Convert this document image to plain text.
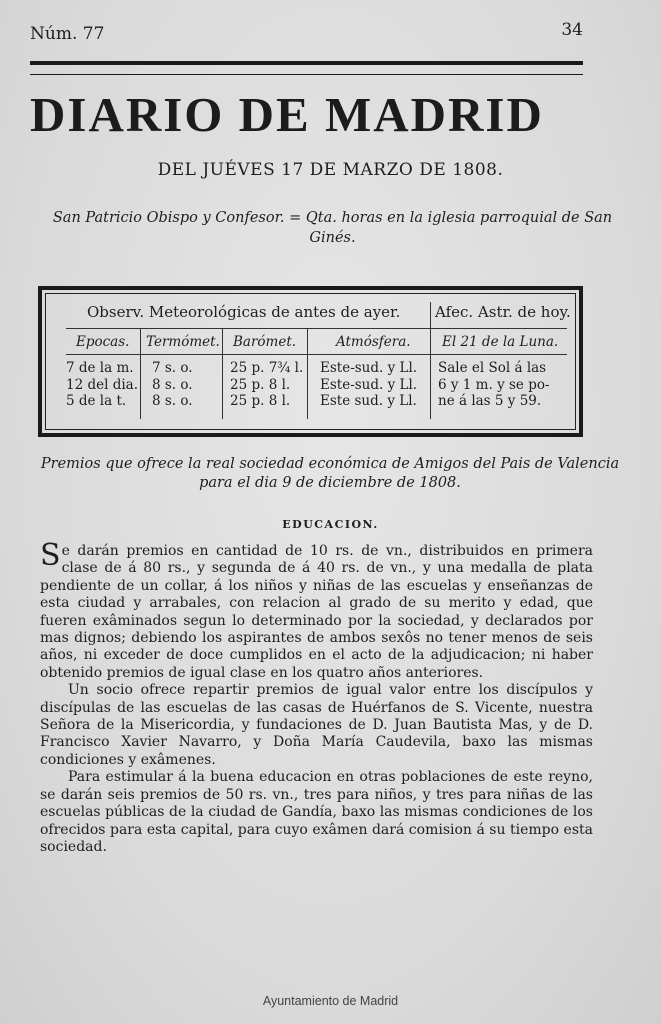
Núm. 77	34
DIARIO DE MADRID
DEL JUÉVES 17 DE MARZO DE 1808.
San Patricio Obispo y Confesor. = Qta. horas en la iglesia parroquial de San Ginés.
Observ. Meteorológicas de antes de ayer. Afec. Astr. de hoy.
Epocas. Termómet. Barómet.	Atmósfera. El 21 de la Luna.
7 de la m.
12 del dia.
5 de la t.
7 s. o.
8 s. o.
8 s. o.
25 p. 7¾ l.
25 p. 8 l.
25 p. 8 l.
Este-sud. y Ll.
Este-sud. y Ll.
Este sud. y Ll.
Sale el Sol á las
6 y 1 m. y se po-
ne á las 5 y 59.
Premios que ofrece la real sociedad económica de Amigos del Pais de Valencia para el dia 9 de diciembre de 1808.
EDUCACION.

Se darán premios en cantidad de 10 rs. de vn., distribuidos en primera clase de á 80 rs., y segunda de á 40 rs. de vn., y una medalla de plata pendiente de un collar, á los niños y niñas de las escuelas y enseñanzas de esta ciudad y arrabales, con relacion al grado de su merito y edad, que fueren exâminados segun lo determinado por la sociedad, y declarados por mas dignos; debiendo los aspirantes de ambos sexôs no tener menos de seis años, ni exceder de doce cumplidos en el acto de la adjudicacion; ni haber obtenido premios de igual clase en los quatro años anteriores.

Un socio ofrece repartir premios de igual valor entre los discípulos y discípulas de las escuelas de las casas de Huérfanos de S. Vicente, nuestra Señora de la Misericordia, y fundaciones de D. Juan Bautista Mas, y de D. Francisco Xavier Navarro, y Doña María Caudevila, baxo las mismas condiciones y exâmenes.

Para estimular á la buena educacion en otras poblaciones de este reyno, se darán seis premios de 50 rs. vn., tres para niños, y tres para niñas de las escuelas públicas de la ciudad de Gandía, baxo las mismas condiciones de los ofrecidos para esta capital, para cuyo exâmen dará comision á su tiempo esta sociedad.

Ayuntamiento de Madrid
